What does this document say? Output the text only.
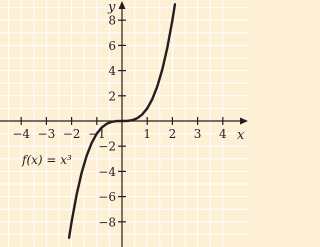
−4 −3 −2 −1	1 2 3 4
−8
−6
−4
−2
2
4
6
8
x
y
f(x) = x³
